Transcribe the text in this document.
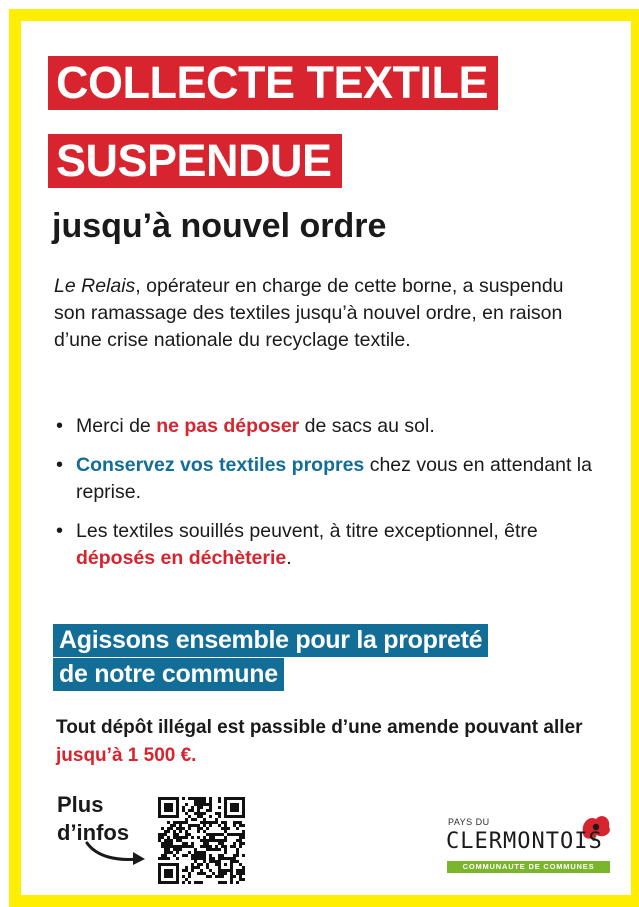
COLLECTE TEXTILE
SUSPENDUE
jusqu’à nouvel ordre
Le Relais, opérateur en charge de cette borne, a suspendu son ramassage des textiles jusqu’à nouvel ordre, en raison d’une crise nationale du recyclage textile.
• Merci de ne pas déposer de sacs au sol.
• Conservez vos textiles propres chez vous en attendant la reprise.
• Les textiles souillés peuvent, à titre exceptionnel, être déposés en déchèterie.
Agissons ensemble pour la propreté
de notre commune
Tout dépôt illégal est passible d’une amende pouvant aller jusqu’à 1 500 €.
Plus
d’infos	PAYS DU
CLERMONTOIS
COMMUNAUTE DE COMMUNES
